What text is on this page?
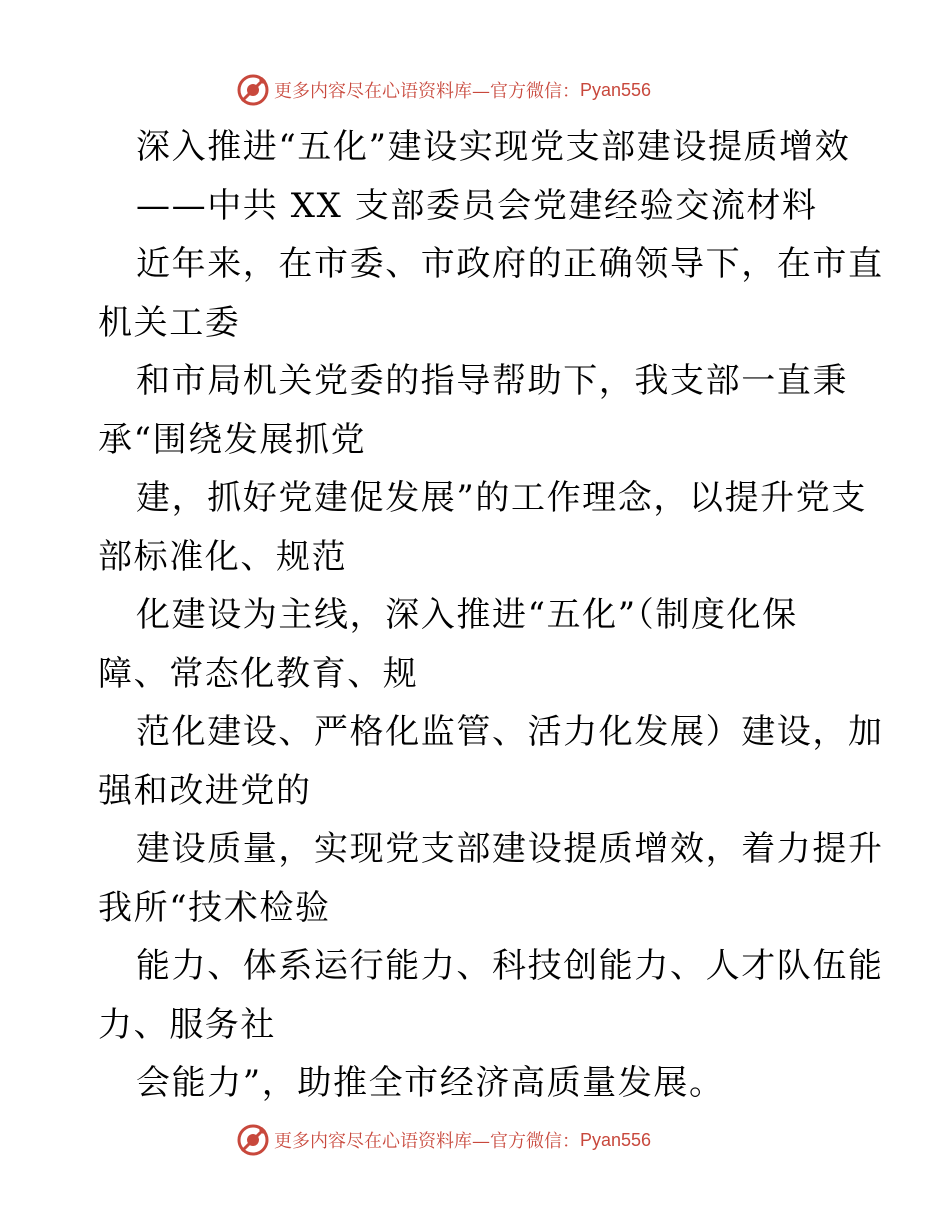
更多内容尽在心语资料库—官方微信： Pyan556
深入推进“五化”建设实现党支部建设提质增效
——中共 XX 支部委员会党建经验交流材料
近年来，在市委、市政府的正确领导下，在市直
机关工委
和市局机关党委的指导帮助下，我支部一直秉
承“围绕发展抓党
建，抓好党建促发展”的工作理念，以提升党支
部标准化、规范
化建设为主线，深入推进“五化”（制度化保
障、常态化教育、规
范化建设、严格化监管、活力化发展）建设，加
强和改进党的
建设质量，实现党支部建设提质增效，着力提升
我所“技术检验
能力、体系运行能力、科技创能力、人才队伍能
力、服务社
会能力”，助推全市经济高质量发展。
更多内容尽在心语资料库—官方微信： Pyan556
